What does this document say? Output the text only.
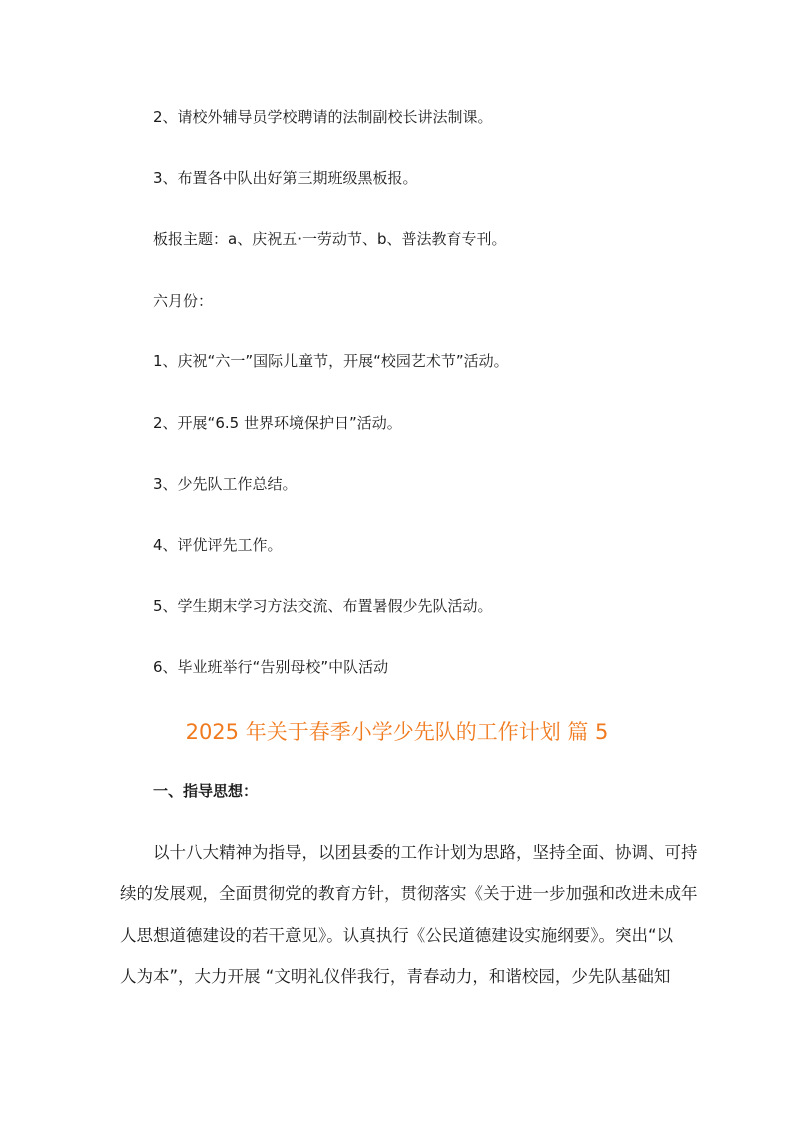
2、请校外辅导员学校聘请的法制副校长讲法制课。
3、布置各中队出好第三期班级黑板报。
板报主题：a、庆祝五·一劳动节、b、普法教育专刊。
六月份：
1、庆祝“六一”国际儿童节，开展“校园艺术节”活动。
2、开展“6.5 世界环境保护日”活动。
3、少先队工作总结。
4、评优评先工作。
5、学生期末学习方法交流、布置暑假少先队活动。
6、毕业班举行“告别母校”中队活动
2025 年关于春季小学少先队的工作计划 篇 5
一、指导思想：
以十八大精神为指导，以团县委的工作计划为思路，坚持全面、协调、可持
续的发展观，全面贯彻党的教育方针，贯彻落实《关于进一步加强和改进未成年
人思想道德建设的若干意见》。认真执行《公民道德建设实施纲要》。突出“以
人为本”，大力开展 “文明礼仪伴我行，青春动力，和谐校园，少先队基础知
